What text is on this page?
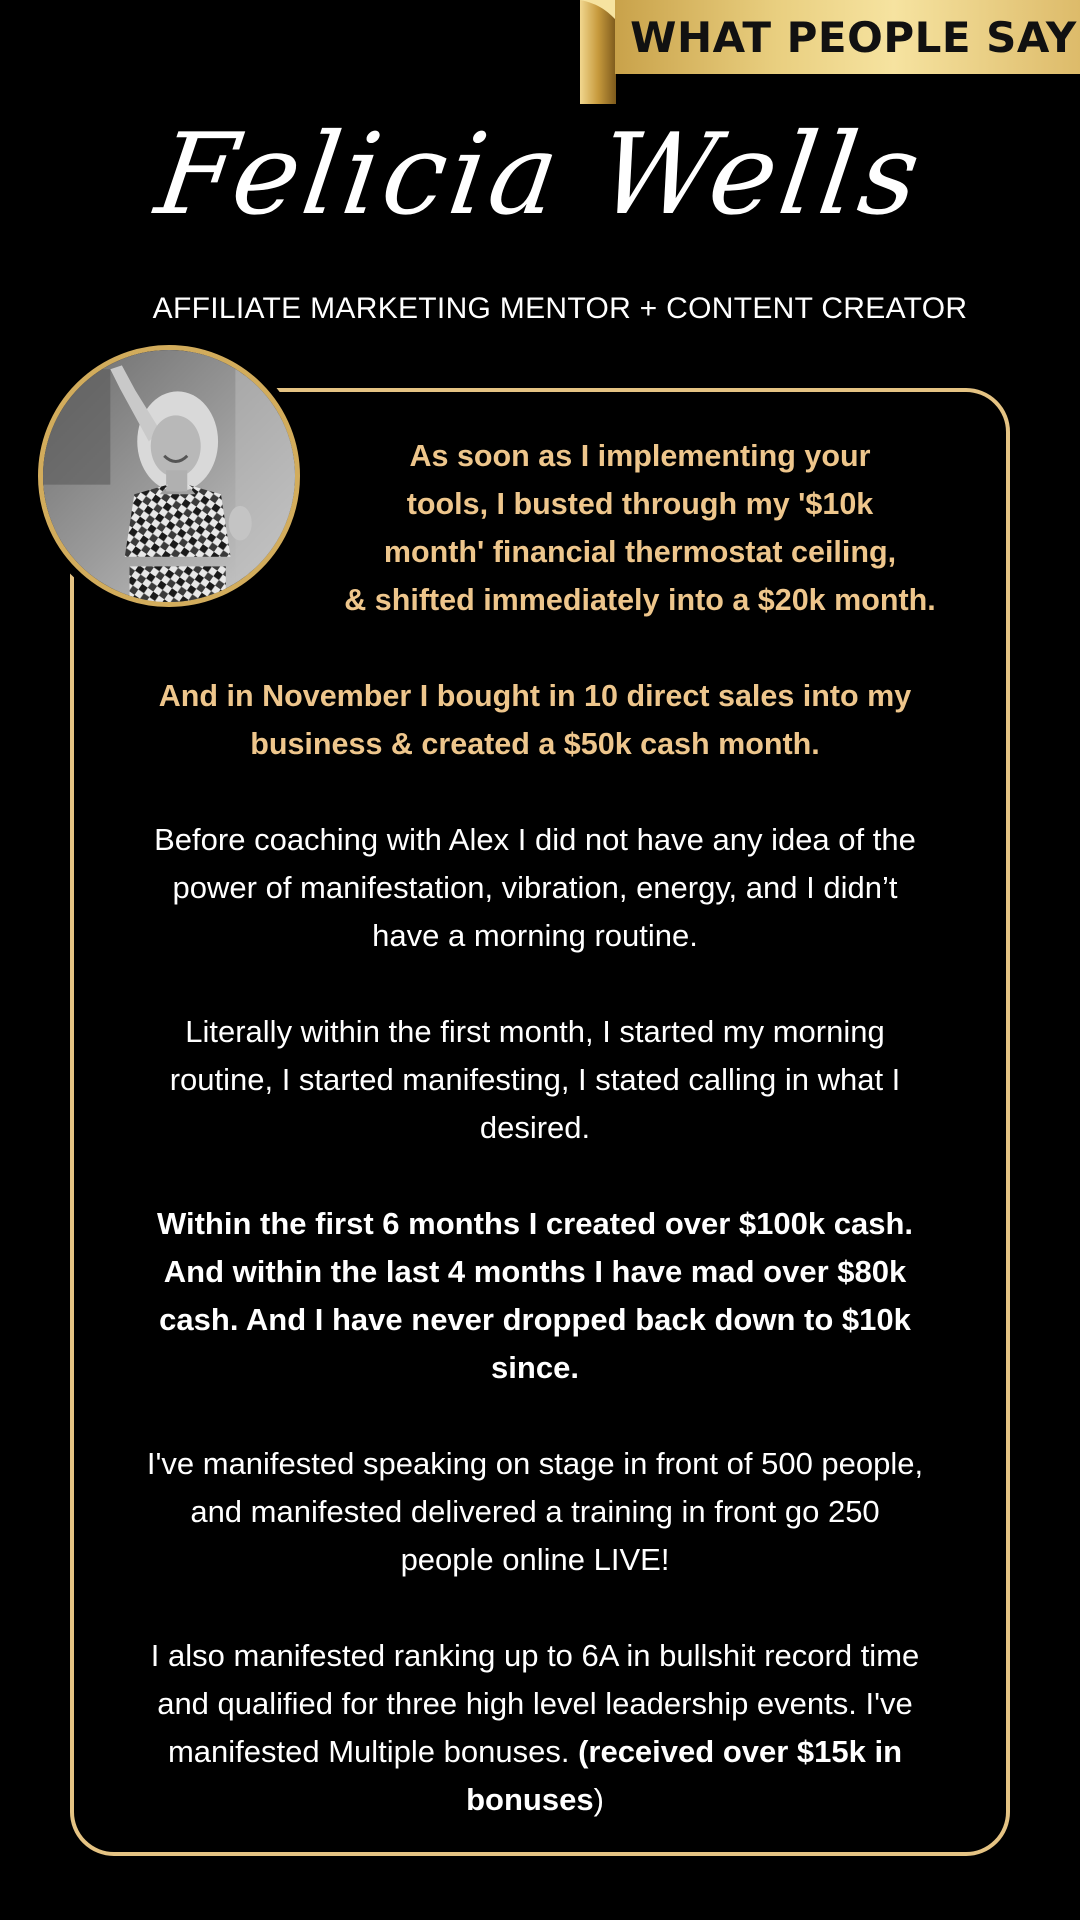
WHAT PEOPLE SAY
Felicia Wells
AFFILIATE MARKETING MENTOR + CONTENT CREATOR
As soon as I implementing your
tools, I busted through my '$10k
month' financial thermostat ceiling,
& shifted immediately into a $20k month.
And in November I bought in 10 direct sales into my
business & created a $50k cash month.
Before coaching with Alex I did not have any idea of the
power of manifestation, vibration, energy, and I didn’t
have a morning routine.
Literally within the first month, I started my morning
routine, I started manifesting, I stated calling in what I
desired.
Within the first 6 months I created over $100k cash.
And within the last 4 months I have mad over $80k
cash. And I have never dropped back down to $10k
since.
I've manifested speaking on stage in front of 500 people,
and manifested delivered a training in front go 250
people online LIVE!
I also manifested ranking up to 6A in bullshit record time
and qualified for three high level leadership events. I've
manifested Multiple bonuses. (received over $15k in
bonuses)
